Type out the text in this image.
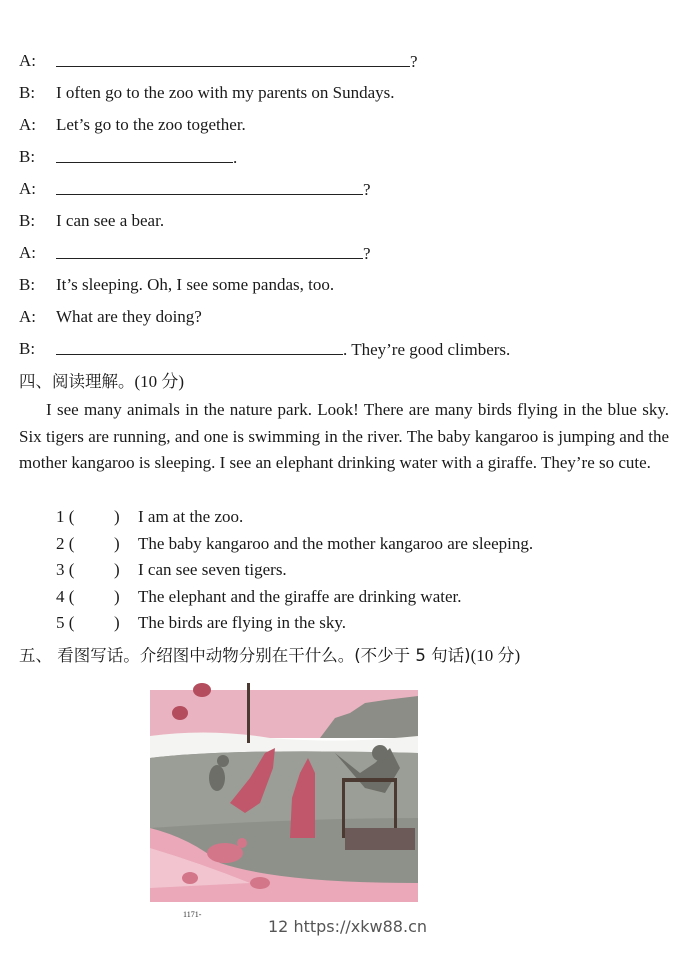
A:	?
B: I often go to the zoo with my parents on Sundays.
A: Let’s go to the zoo together.
B:	.
A:	?
B: I can see a bear.
A:	?
B: It’s sleeping. Oh, I see some pandas, too.
A: What are they doing?
B:	. They’re good climbers.
四、阅读理解。(10 分)
I see many animals in the nature park. Look! There are many birds flying in the blue sky. Six tigers are running, and one is swimming in the river. The baby kangaroo is jumping and the mother kangaroo is sleeping. I see an elephant drinking water with a giraffe. They’re so cute.
1 ( ) I am at the zoo.
2 ( ) The baby kangaroo and the mother kangaroo are sleeping.
3 ( ) I can see seven tigers.
4 ( ) The elephant and the giraffe are drinking water.
5 ( ) The birds are flying in the sky.
五、 看图写话。介绍图中动物分别在干什么。(不少于 5 句话)(10 分)
1171-
12 https://xkw88.cn
